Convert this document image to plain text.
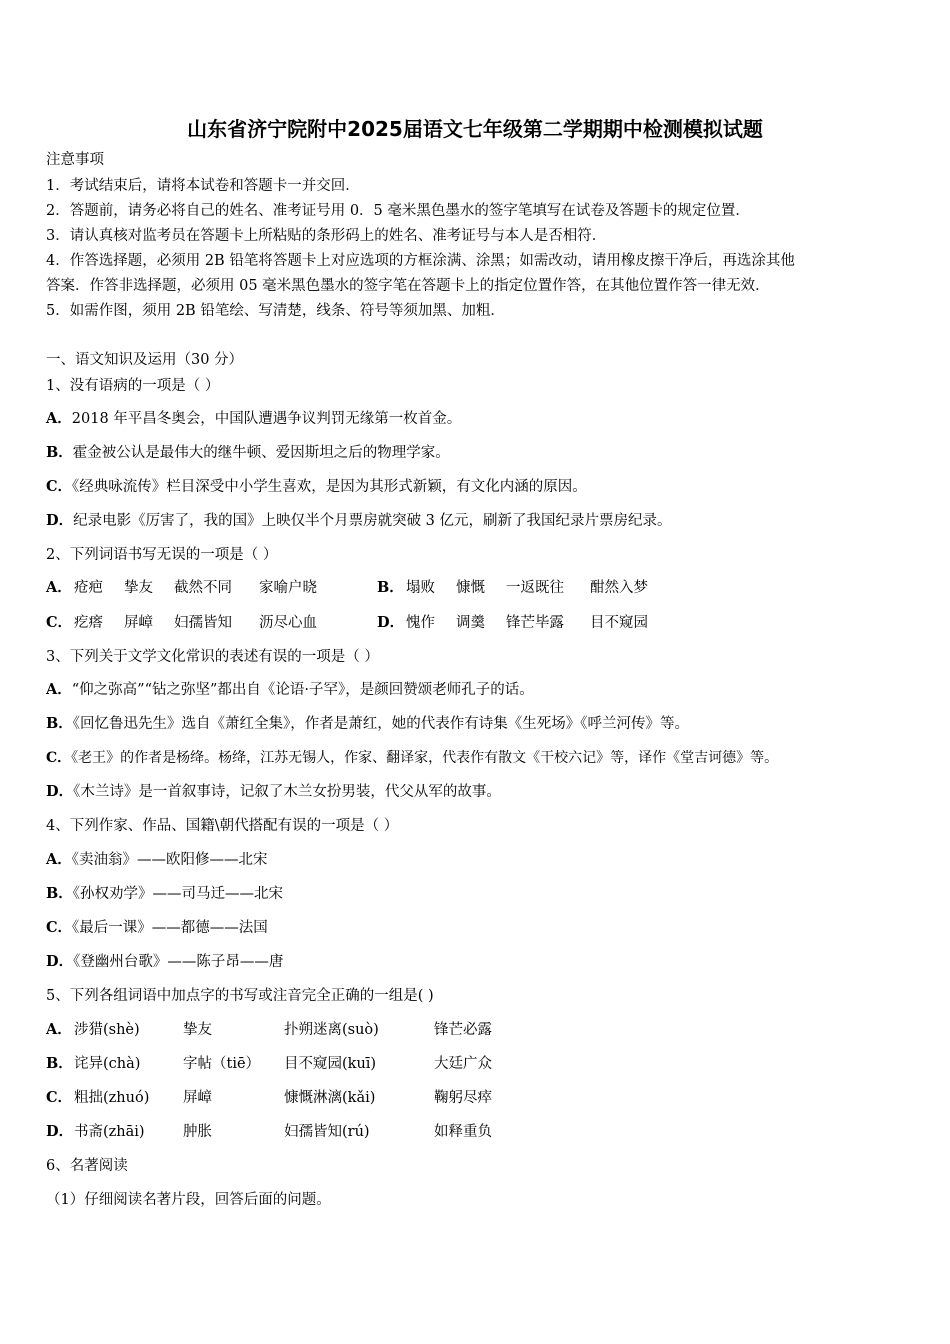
山东省济宁院附中2025届语文七年级第二学期期中检测模拟试题
注意事项
1．考试结束后，请将本试卷和答题卡一并交回．
2．答题前，请务必将自己的姓名、准考证号用 0．5 毫米黑色墨水的签字笔填写在试卷及答题卡的规定位置．
3．请认真核对监考员在答题卡上所粘贴的条形码上的姓名、准考证号与本人是否相符．
4．作答选择题，必须用 2B 铅笔将答题卡上对应选项的方框涂满、涂黑；如需改动，请用橡皮擦干净后，再选涂其他
答案．作答非选择题，必须用 05 毫米黑色墨水的签字笔在答题卡上的指定位置作答，在其他位置作答一律无效．
5．如需作图，须用 2B 铅笔绘、写清楚，线条、符号等须加黑、加粗．
一、语文知识及运用（30 分）
1、没有语病的一项是（ ）
A．2018 年平昌冬奥会，中国队遭遇争议判罚无缘第一枚首金。
B．霍金被公认是最伟大的继牛顿、爱因斯坦之后的物理学家。
C．《经典咏流传》栏目深受中小学生喜欢，是因为其形式新颖，有文化内涵的原因。
D．纪录电影《厉害了，我的国》上映仅半个月票房就突破 3 亿元，刷新了我国纪录片票房纪录。
2、下列词语书写无误的一项是（ ）
A． 疮疤 挚友 截然不同 家喻户晓	B． 塌败 慷慨 一返既往 酣然入梦
C． 疙瘩 屏嶂 妇孺皆知 沥尽心血	D． 愧作 调羹 锋芒毕露 目不窥园
3、下列关于文学文化常识的表述有误的一项是（ ）
A．“仰之弥高”“钻之弥坚”都出自《论语·子罕》，是颜回赞颂老师孔子的话。
B．《回忆鲁迅先生》选自《萧红全集》，作者是萧红，她的代表作有诗集《生死场》《呼兰河传》等。
C．《老王》的作者是杨绛。杨绛，江苏无锡人，作家、翻译家，代表作有散文《干校六记》等，译作《堂吉诃德》等。
D．《木兰诗》是一首叙事诗，记叙了木兰女扮男装，代父从军的故事。
4、下列作家、作品、国籍\朝代搭配有误的一项是（ ）
A．《卖油翁》——欧阳修——北宋
B．《孙权劝学》——司马迁——北宋
C．《最后一课》——都德——法国
D．《登幽州台歌》——陈子昂——唐
5、下列各组词语中加点字的书写或注音完全正确的一组是( )
A． 涉猎(shè)	挚友	扑朔迷离(suò)	锋芒必露
B． 诧异(chà)	字帖（tiē） 目不窥园(kuī)	大廷广众
C． 粗拙(zhuó) 屏嶂	慷慨淋漓(kǎi)	鞠躬尽瘁
D． 书斋(zhāi)	肿胀	妇孺皆知(rú)	如释重负
6、名著阅读
（1）仔细阅读名著片段，回答后面的问题。
